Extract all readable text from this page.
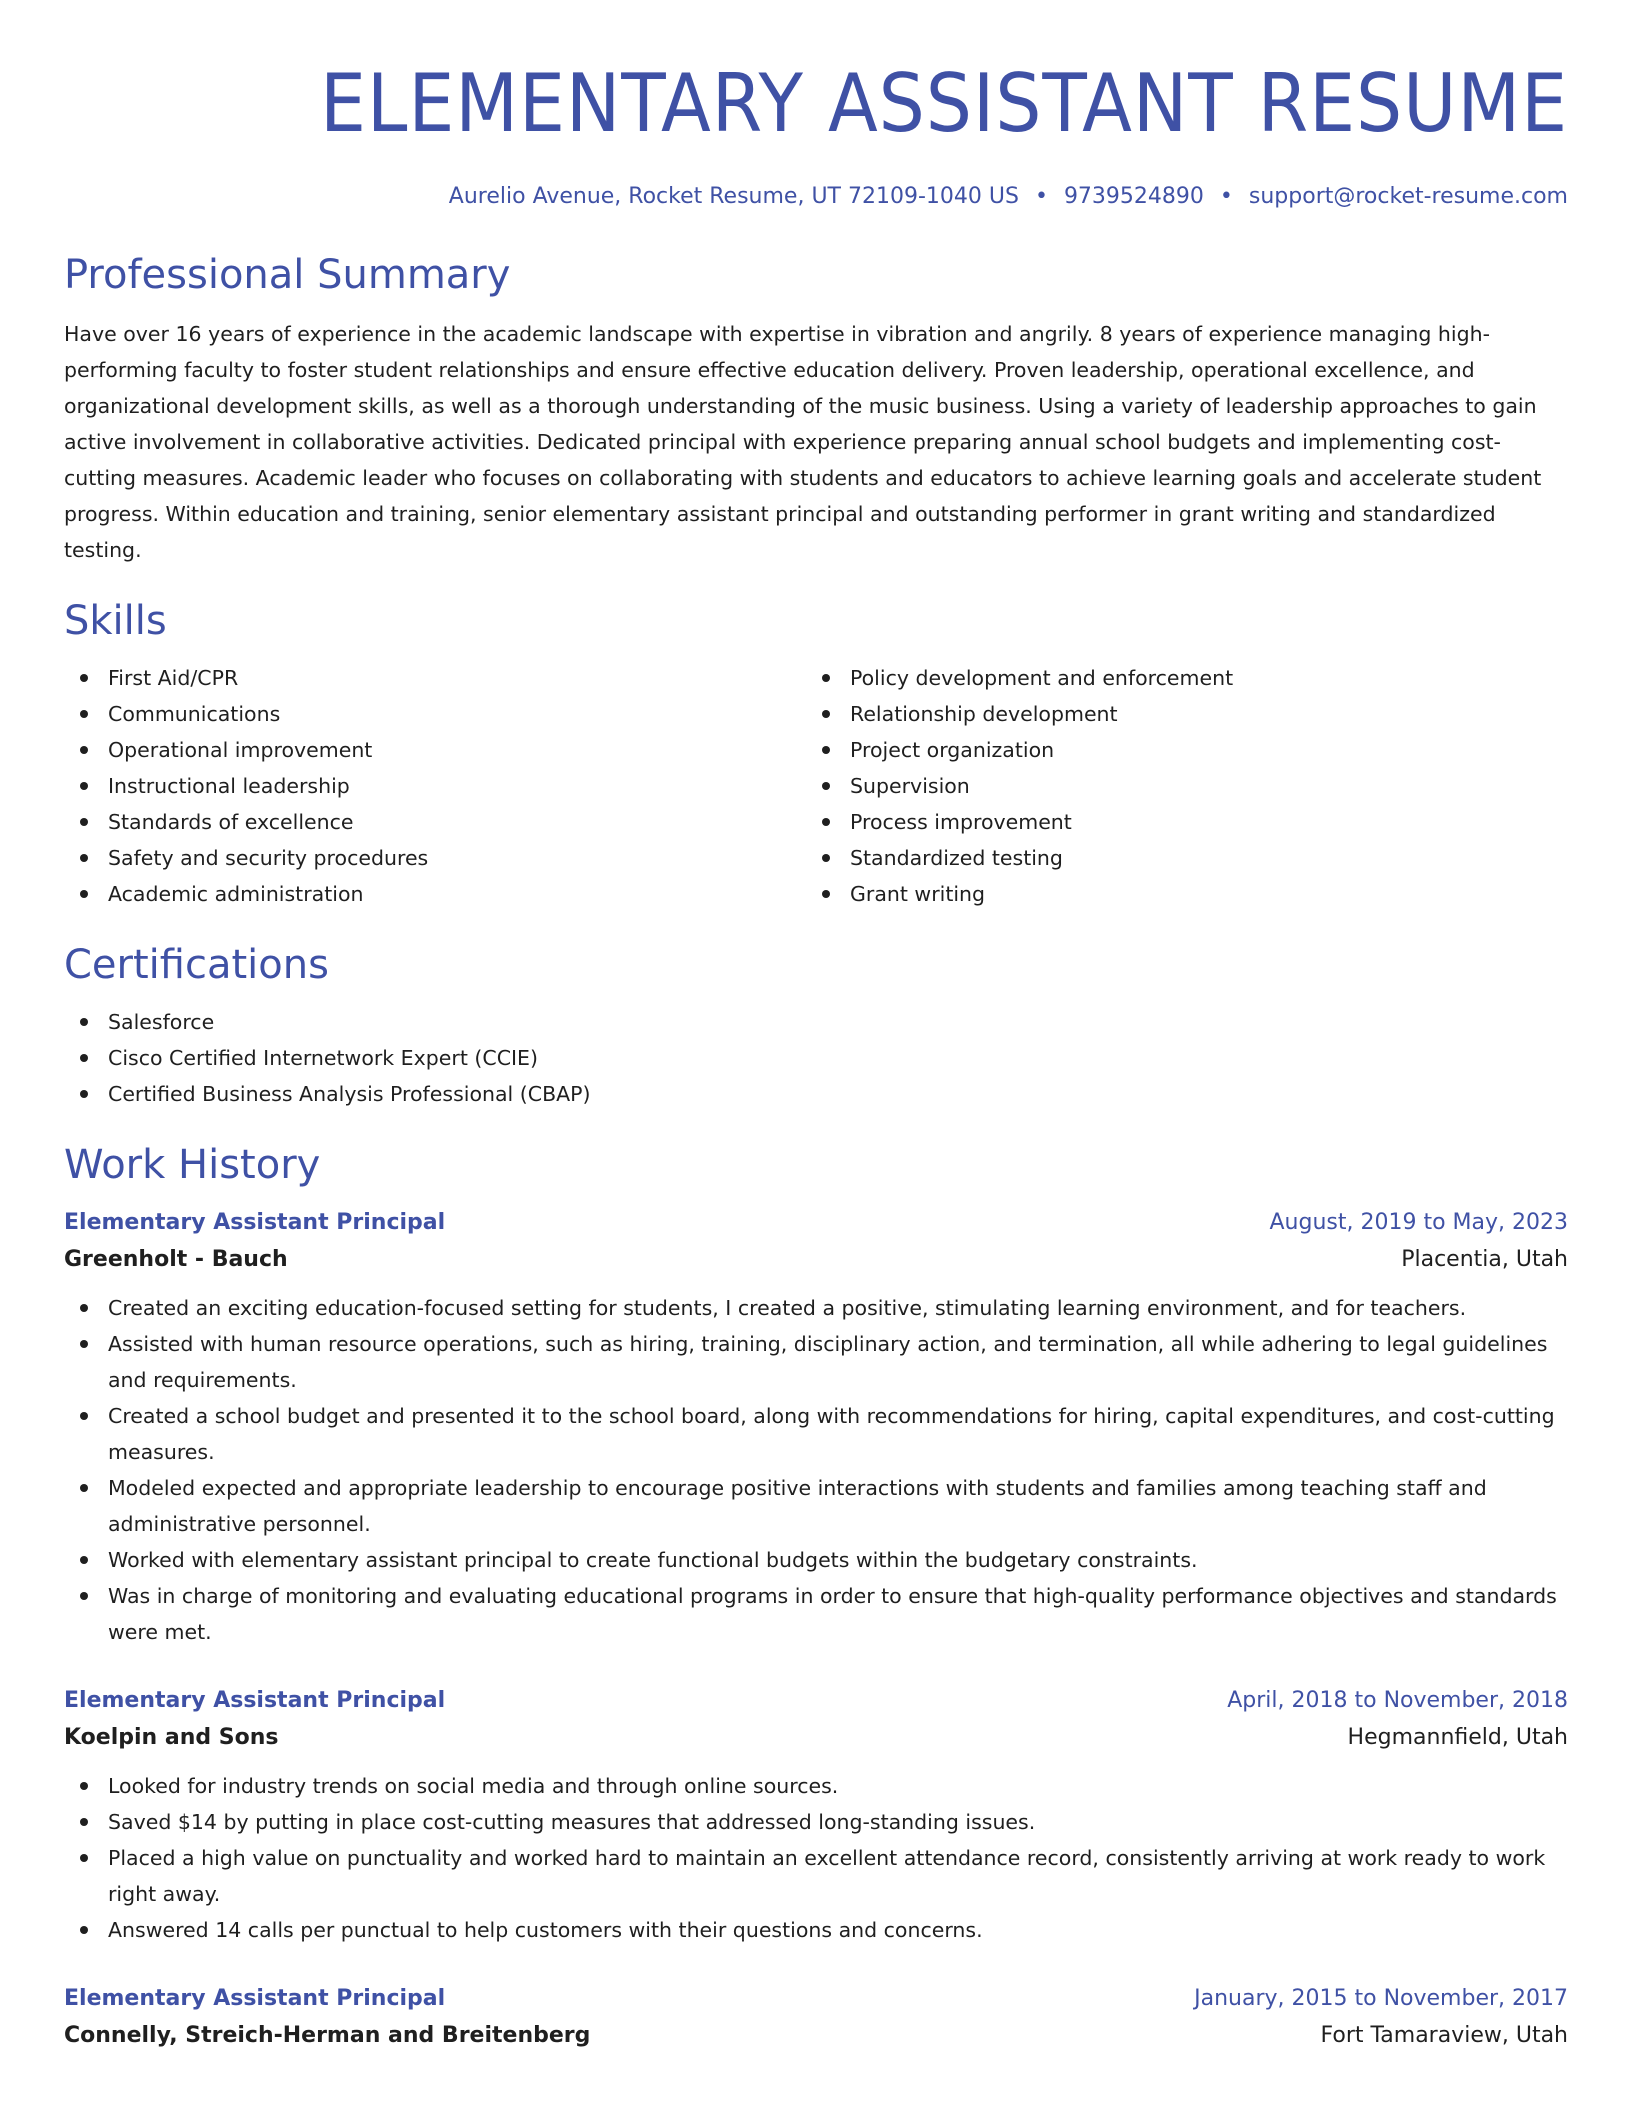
ELEMENTARY ASSISTANT RESUME
Aurelio Avenue, Rocket Resume, UT 72109-1040 US • 9739524890 • support@rocket-resume.com
Professional Summary

Have over 16 years of experience in the academic landscape with expertise in vibration and angrily. 8 years of experience managing high-performing faculty to foster student relationships and ensure effective education delivery. Proven leadership, operational excellence, and organizational development skills, as well as a thorough understanding of the music business. Using a variety of leadership approaches to gain active involvement in collaborative activities. Dedicated principal with experience preparing annual school budgets and implementing cost-cutting measures. Academic leader who focuses on collaborating with students and educators to achieve learning goals and accelerate student progress. Within education and training, senior elementary assistant principal and outstanding performer in grant writing and standardized testing.

Skills
First Aid/CPR
Communications
Operational improvement
Instructional leadership
Standards of excellence
Safety and security procedures
Academic administration
Policy development and enforcement
Relationship development
Project organization
Supervision
Process improvement
Standardized testing
Grant writing
Certifications
Salesforce
Cisco Certified Internetwork Expert (CCIE)
Certified Business Analysis Professional (CBAP)
Work History
Elementary Assistant Principal	August, 2019 to May, 2023
Greenholt - Bauch	Placentia, Utah
Created an exciting education-focused setting for students, I created a positive, stimulating learning environment, and for teachers.
Assisted with human resource operations, such as hiring, training, disciplinary action, and termination, all while adhering to legal guidelines and requirements.
Created a school budget and presented it to the school board, along with recommendations for hiring, capital expenditures, and cost-cutting measures.
Modeled expected and appropriate leadership to encourage positive interactions with students and families among teaching staff and administrative personnel.
Worked with elementary assistant principal to create functional budgets within the budgetary constraints.
Was in charge of monitoring and evaluating educational programs in order to ensure that high-quality performance objectives and standards were met.
Elementary Assistant Principal	April, 2018 to November, 2018
Koelpin and Sons	Hegmannfield, Utah
Looked for industry trends on social media and through online sources.
Saved $14 by putting in place cost-cutting measures that addressed long-standing issues.
Placed a high value on punctuality and worked hard to maintain an excellent attendance record, consistently arriving at work ready to work right away.
Answered 14 calls per punctual to help customers with their questions and concerns.
Elementary Assistant Principal	January, 2015 to November, 2017
Connelly, Streich-Herman and Breitenberg	Fort Tamaraview, Utah
